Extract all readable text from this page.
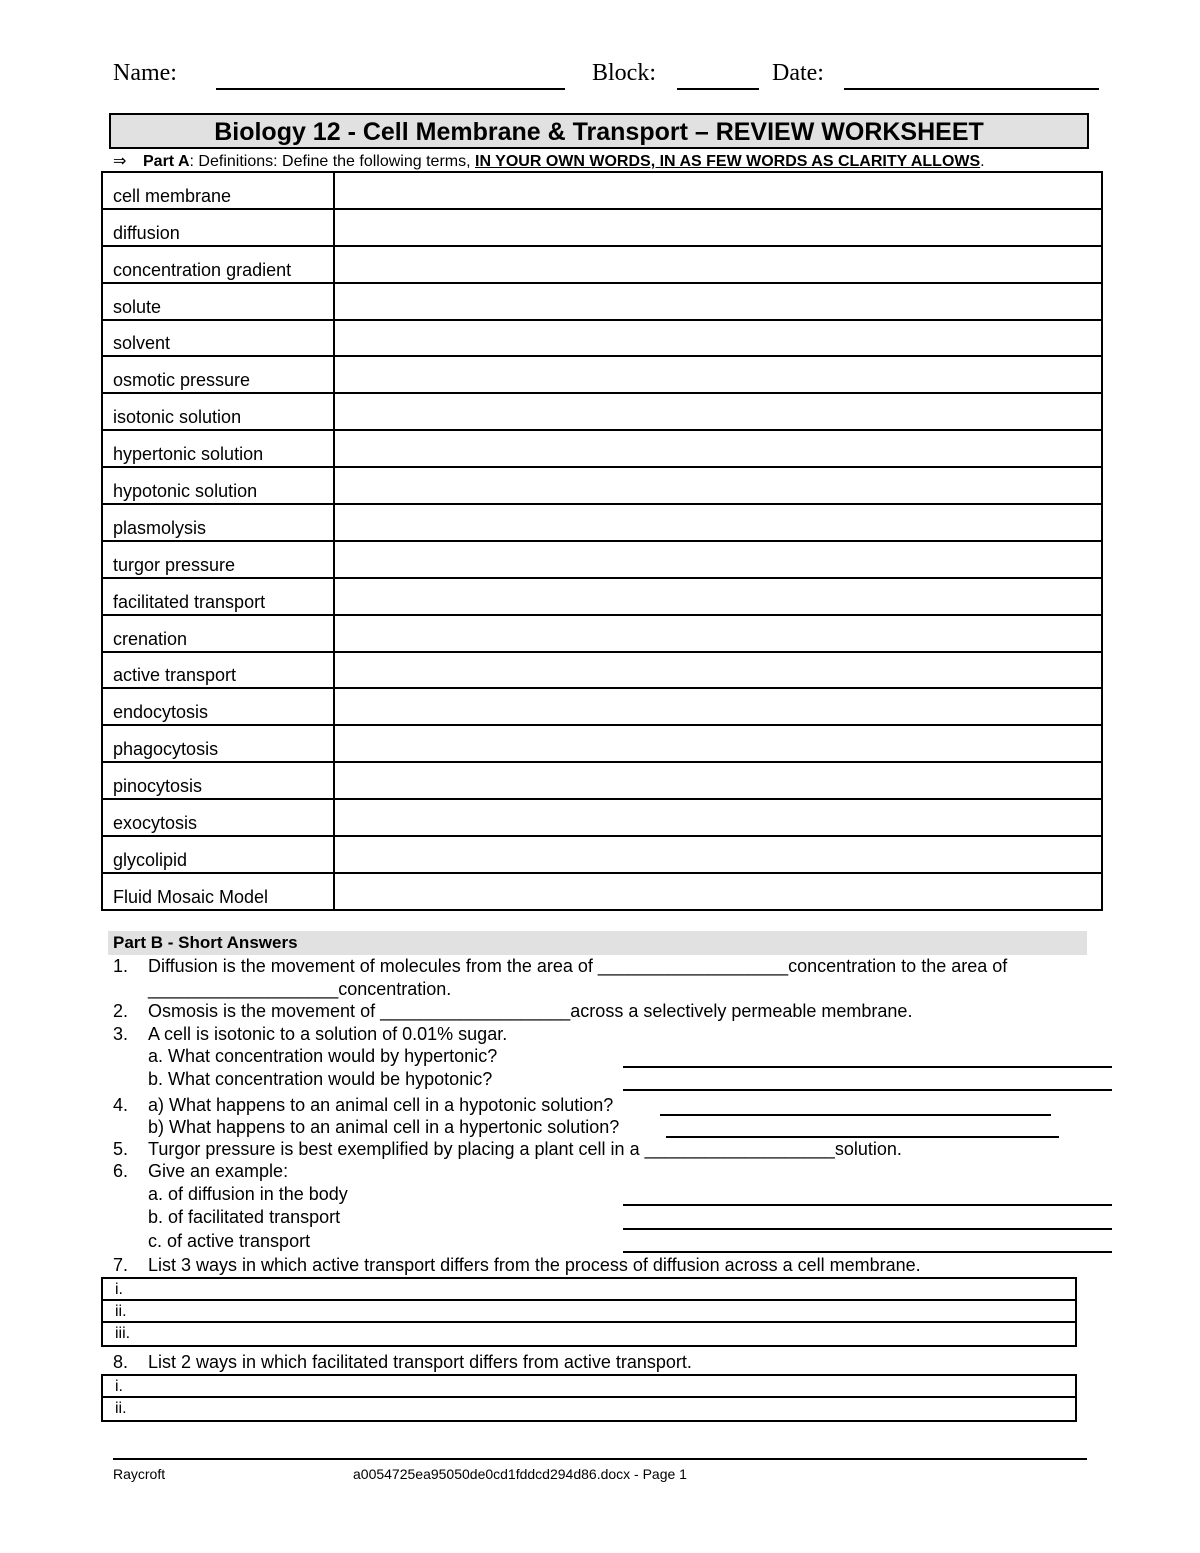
Name:	Block:	Date:
Biology 12 - Cell Membrane & Transport – REVIEW WORKSHEET
⇒ Part A: Definitions: Define the following terms, IN YOUR OWN WORDS, IN AS FEW WORDS AS CLARITY ALLOWS.
cell membrane	
diffusion	
concentration gradient	
solute	
solvent	
osmotic pressure	
isotonic solution	
hypertonic solution	
hypotonic solution	
plasmolysis	
turgor pressure	
facilitated transport	
crenation	
active transport	
endocytosis	
phagocytosis	
pinocytosis	
exocytosis	
glycolipid	
Fluid Mosaic Model	
Part B - Short Answers
1. Diffusion is the movement of molecules from the area of ___________________concentration to the area of
___________________concentration.
2. Osmosis is the movement of ___________________across a selectively permeable membrane.
3. A cell is isotonic to a solution of 0.01% sugar.
a. What concentration would by hypertonic?
b. What concentration would be hypotonic?
4. a) What happens to an animal cell in a hypotonic solution?
b) What happens to an animal cell in a hypertonic solution?
5. Turgor pressure is best exemplified by placing a plant cell in a ___________________solution.
6. Give an example:
a. of diffusion in the body
b. of facilitated transport
c. of active transport
7. List 3 ways in which active transport differs from the process of diffusion across a cell membrane.
i.
ii.
iii.
8. List 2 ways in which facilitated transport differs from active transport.
i.
ii.
Raycroft	a0054725ea95050de0cd1fddcd294d86.docx - Page 1
